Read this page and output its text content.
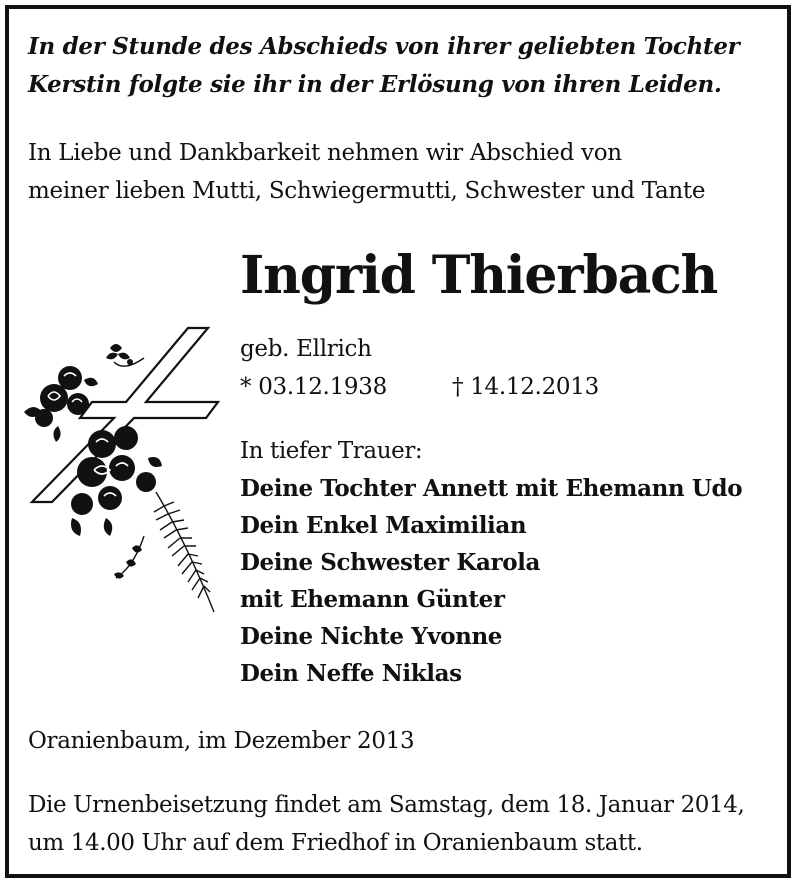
In der Stunde des Abschieds von ihrer geliebten Tochter
Kerstin folgte sie ihr in der Erlösung von ihren Leiden.
In Liebe und Dankbarkeit nehmen wir Abschied von
meiner lieben Mutti, Schwiegermutti, Schwester und Tante
Ingrid Thierbach
geb. Ellrich
* 03.12.1938	† 14.12.2013
In tiefer Trauer:
Deine Tochter Annett mit Ehemann Udo
Dein Enkel Maximilian
Deine Schwester Karola
mit Ehemann Günter
Deine Nichte Yvonne
Dein Neffe Niklas
Oranienbaum, im Dezember 2013
Die Urnenbeisetzung findet am Samstag, dem 18. Januar 2014,
um 14.00 Uhr auf dem Friedhof in Oranienbaum statt.
